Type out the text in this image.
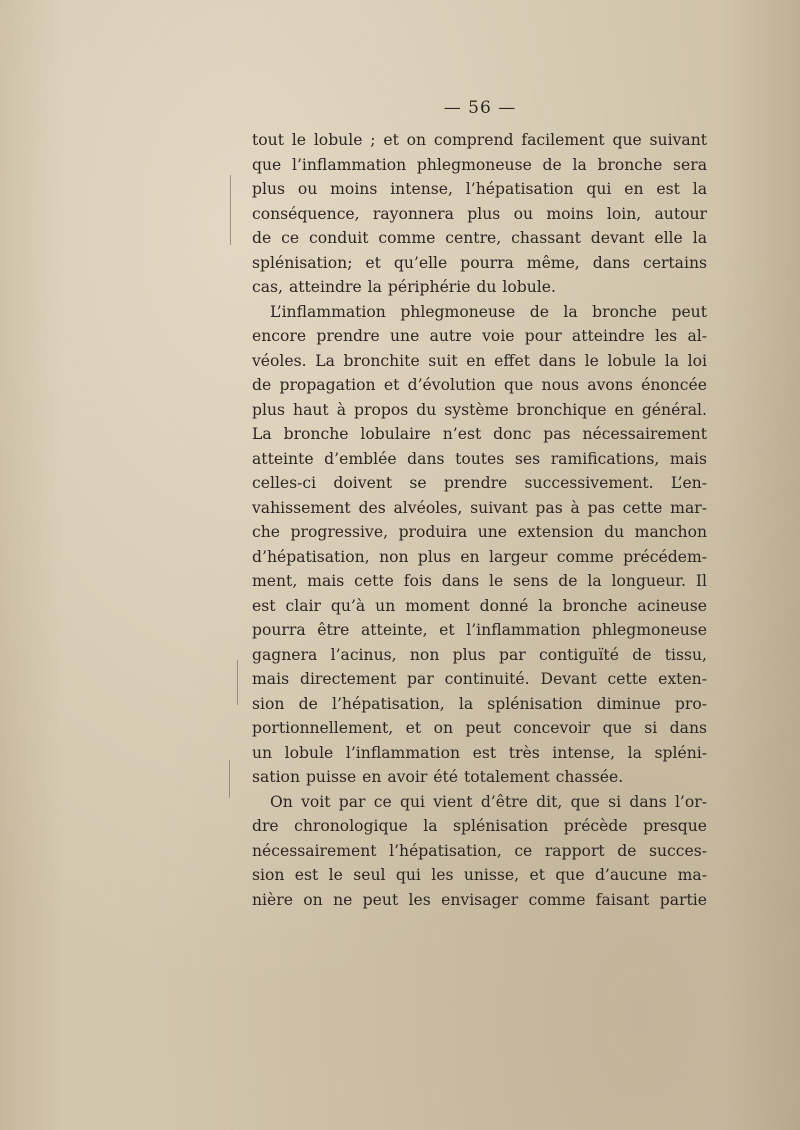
— 56 —
tout le lobule ; et on comprend facilement que suivant
que l’inflammation phlegmoneuse de la bronche sera
plus ou moins intense, l’hépatisation qui en est la
conséquence, rayonnera plus ou moins loin, autour
de ce conduit comme centre, chassant devant elle la
splénisation; et qu’elle pourra même, dans certains
cas, atteindre la périphérie du lobule.
L’inflammation phlegmoneuse de la bronche peut
encore prendre une autre voie pour atteindre les al-
véoles. La bronchite suit en effet dans le lobule la loi
de propagation et d’évolution que nous avons énoncée
plus haut à propos du système bronchique en général.
La bronche lobulaire n’est donc pas nécessairement
atteinte d’emblée dans toutes ses ramifications, mais
celles-ci doivent se prendre successivement. L’en-
vahissement des alvéoles, suivant pas à pas cette mar-
che progressive, produira une extension du manchon
d’hépatisation, non plus en largeur comme précédem-
ment, mais cette fois dans le sens de la longueur. Il
est clair qu’à un moment donné la bronche acineuse
pourra être atteinte, et l’inflammation phlegmoneuse
gagnera l’acinus, non plus par contiguïté de tissu,
mais directement par continuité. Devant cette exten-
sion de l’hépatisation, la splénisation diminue pro-
portionnellement, et on peut concevoir que si dans
un lobule l’inflammation est très intense, la spléni-
sation puisse en avoir été totalement chassée.
On voit par ce qui vient d’être dit, que si dans l’or-
dre chronologique la splénisation précède presque
nécessairement l’hépatisation, ce rapport de succes-
sion est le seul qui les unisse, et que d’aucune ma-
nière on ne peut les envisager comme faisant partie
